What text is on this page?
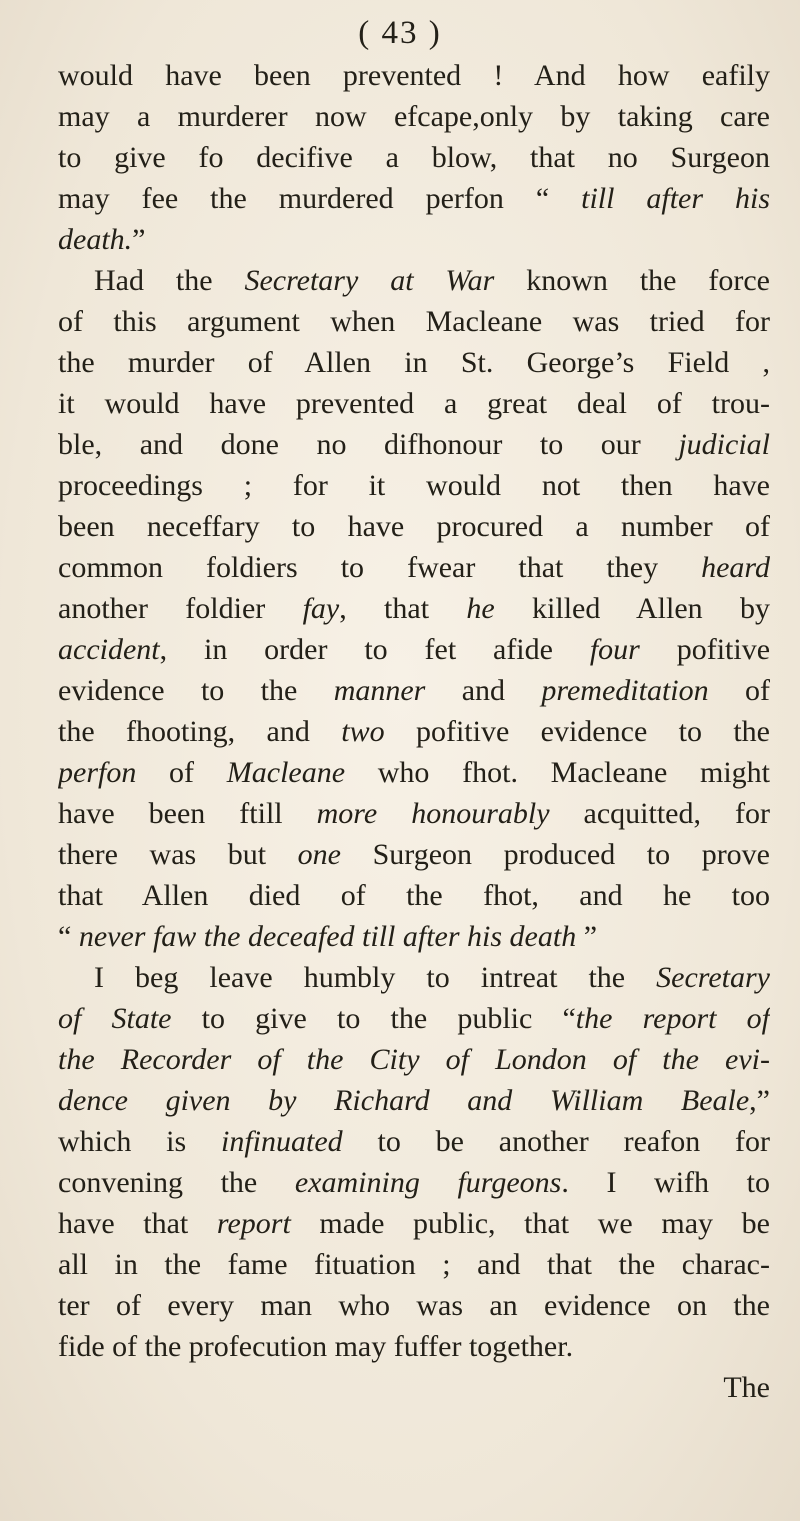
( 43 )
would have been prevented ! And how eafily
may a murderer now efcape,only by taking care
to give fo decifive a blow, that no Surgeon
may fee the murdered perfon “ till after his
death.”
Had the Secretary at War known the force
of this argument when Macleane was tried for
the murder of Allen in St. George’s Field ,
it would have prevented a great deal of trou-
ble, and done no difhonour to our judicial
proceedings ; for it would not then have
been neceffary to have procured a number of
common foldiers to fwear that they heard
another foldier fay, that he killed Allen by
accident, in order to fet afide four pofitive
evidence to the manner and premeditation of
the fhooting, and two pofitive evidence to the
perfon of Macleane who fhot. Macleane might
have been ftill more honourably acquitted, for
there was but one Surgeon produced to prove
that Allen died of the fhot, and he too
“ never faw the deceafed till after his death ”
I beg leave humbly to intreat the Secretary
of State to give to the public “the report of
the Recorder of the City of London of the evi-
dence given by Richard and William Beale,”
which is infinuated to be another reafon for
convening the examining furgeons. I wifh to
have that report made public, that we may be
all in the fame fituation ; and that the charac-
ter of every man who was an evidence on the
fide of the profecution may fuffer together.
The
